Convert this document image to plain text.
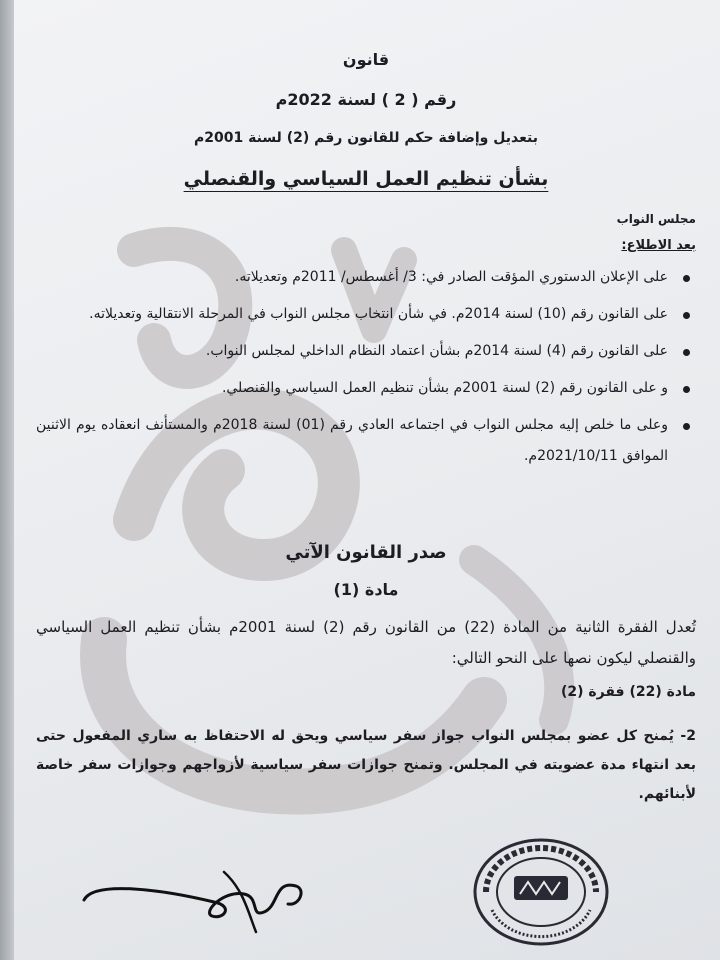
قانون
رقم ( 2 ) لسنة 2022م
بتعديل وإضافة حكم للقانون رقم (2) لسنة 2001م
بشأن تنظيم العمل السياسي والقنصلي
مجلس النواب
بعد الاطلاع:
على الإعلان الدستوري المؤقت الصادر في: 3/ أغسطس/ 2011م وتعديلاته.
على القانون رقم (10) لسنة 2014م. في شأن انتخاب مجلس النواب في المرحلة الانتقالية وتعديلاته.
على القانون رقم (4) لسنة 2014م بشأن اعتماد النظام الداخلي لمجلس النواب.
و على القانون رقم (2) لسنة 2001م بشأن تنظيم العمل السياسي والقنصلي.
وعلى ما خلص إليه مجلس النواب في اجتماعه العادي رقم (01) لسنة 2018م والمستأنف انعقاده يوم الاثنين الموافق 2021/10/11م.
صدر القانون الآتي
مادة (1)
تُعدل الفقرة الثانية من المادة (22) من القانون رقم (2) لسنة 2001م بشأن تنظيم العمل السياسي والقنصلي ليكون نصها على النحو التالي:
مادة (22) فقرة (2)
2- يُمنح كل عضو بمجلس النواب جواز سفر سياسي ويحق له الاحتفاظ به ساري المفعول حتى بعد انتهاء مدة عضويته في المجلس. وتمنح جوازات سفر سياسية لأزواجهم وجوازات سفر خاصة لأبنائهم.
